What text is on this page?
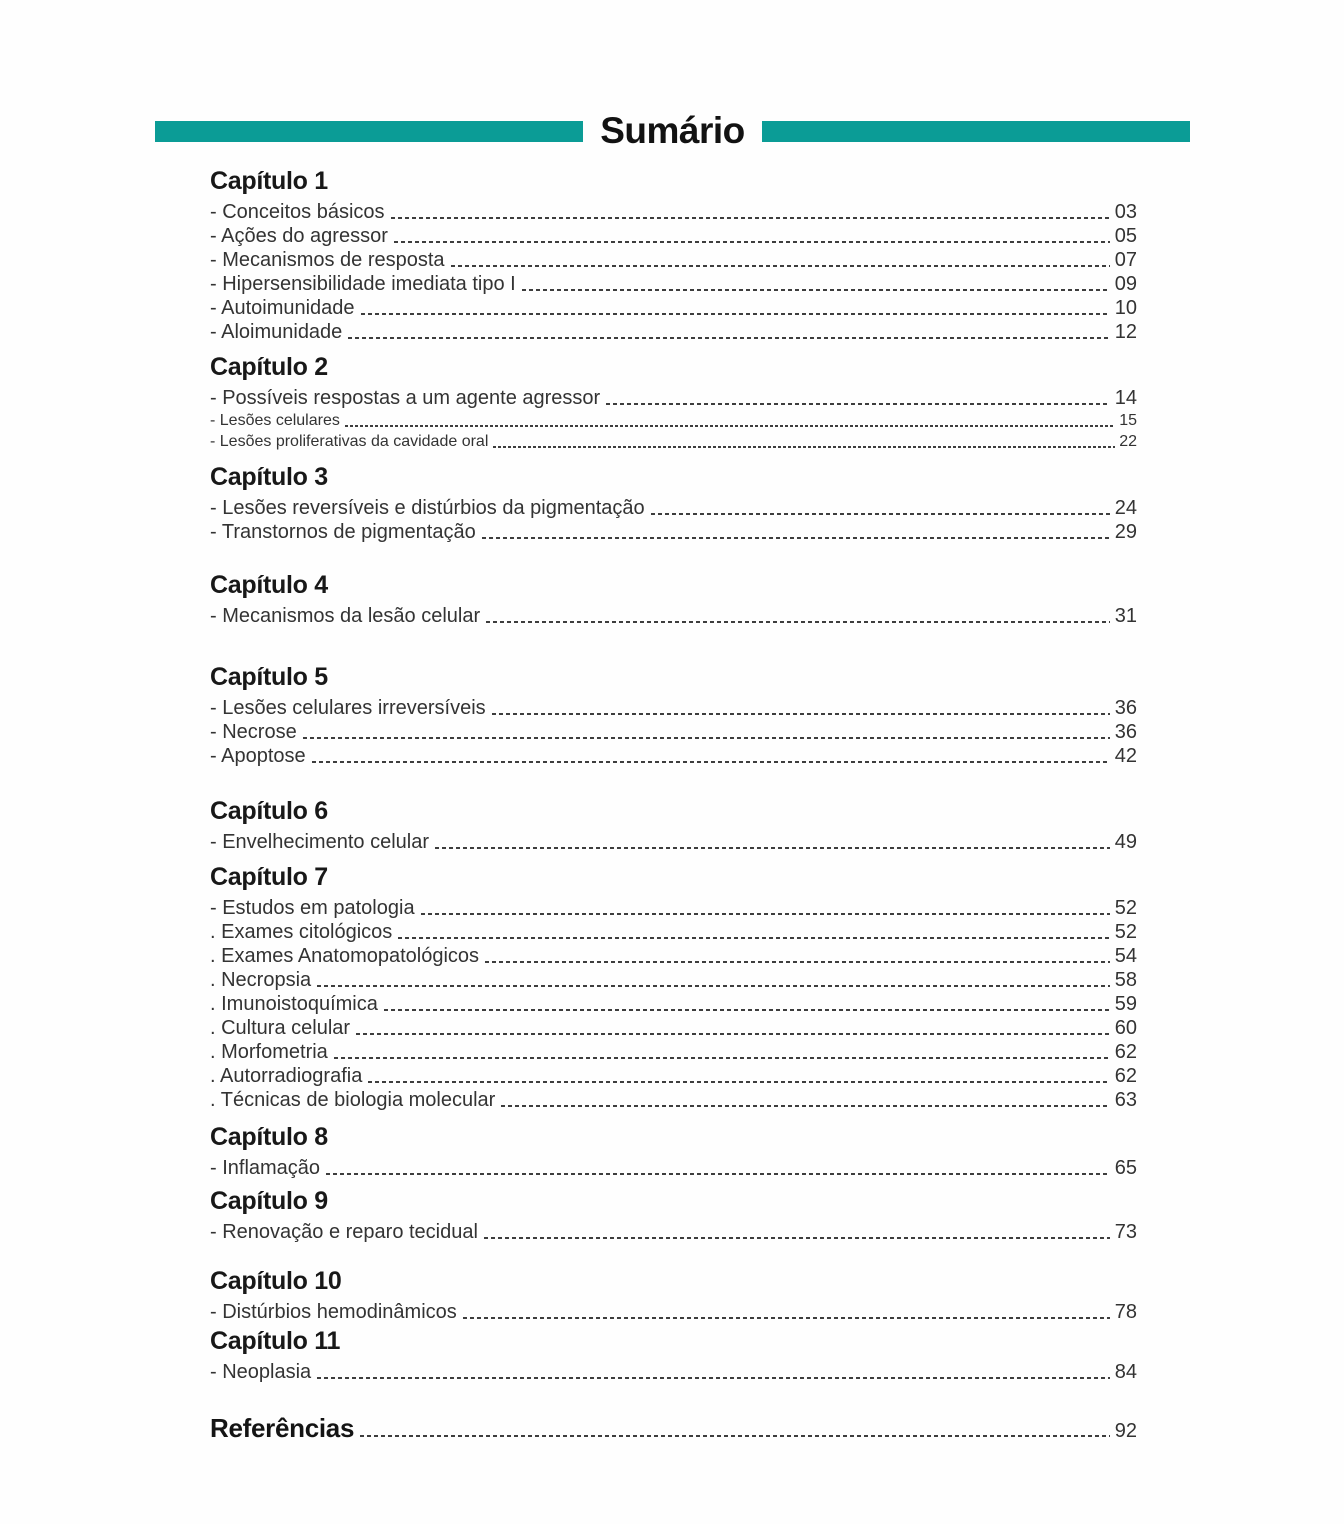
Sumário
Capítulo 1
- Conceitos básicos	03
- Ações do agressor	05
- Mecanismos de resposta	07
- Hipersensibilidade imediata tipo I	09
- Autoimunidade	10
- Aloimunidade	12
Capítulo 2
- Possíveis respostas a um agente agressor	14
- Lesões celulares	15
- Lesões proliferativas da cavidade oral	22
Capítulo 3
- Lesões reversíveis e distúrbios da pigmentação	24
- Transtornos de pigmentação	29
Capítulo 4
- Mecanismos da lesão celular	31
Capítulo 5
- Lesões celulares irreversíveis	36
- Necrose	36
- Apoptose	42
Capítulo 6
- Envelhecimento celular	49
Capítulo 7
- Estudos em patologia	52
. Exames citológicos	52
. Exames Anatomopatológicos	54
. Necropsia	58
. Imunoistoquímica	59
. Cultura celular	60
. Morfometria	62
. Autorradiografia	62
. Técnicas de biologia molecular	63
Capítulo 8
- Inflamação	65
Capítulo 9
- Renovação e reparo tecidual	73
Capítulo 10
- Distúrbios hemodinâmicos	78
Capítulo 11
- Neoplasia	84
Referências	92
